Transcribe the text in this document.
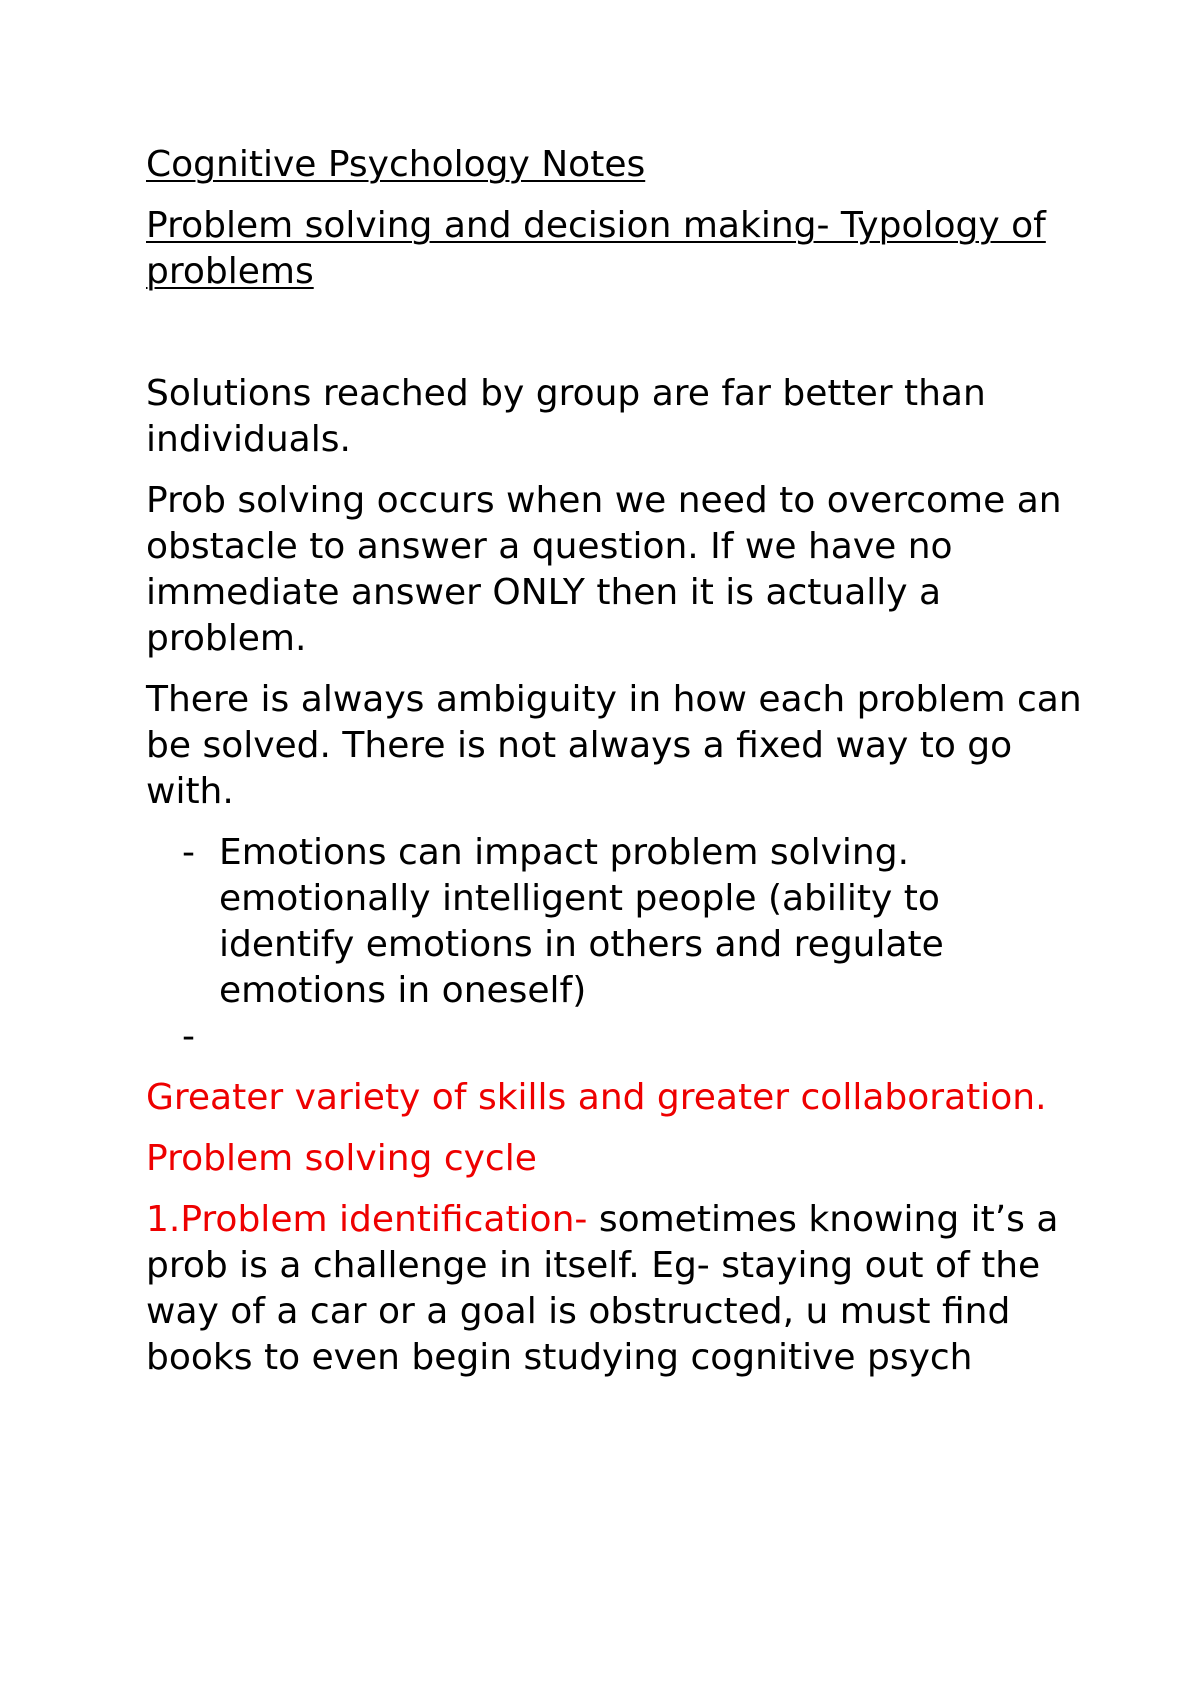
Cognitive Psychology Notes

Problem solving and decision making- Typology of problems

Solutions reached by group are far better than individuals.

Prob solving occurs when we need to overcome an obstacle to answer a question. If we have no immediate answer ONLY then it is actually a problem.

There is always ambiguity in how each problem can be solved. There is not always a fixed way to go with.

- Emotions can impact problem solving. emotionally intelligent people (ability to identify emotions in others and regulate emotions in oneself)
-

Greater variety of skills and greater collaboration.

Problem solving cycle

1.Problem identification- sometimes knowing it’s a prob is a challenge in itself. Eg- staying out of the way of a car or a goal is obstructed, u must find books to even begin studying cognitive psych
